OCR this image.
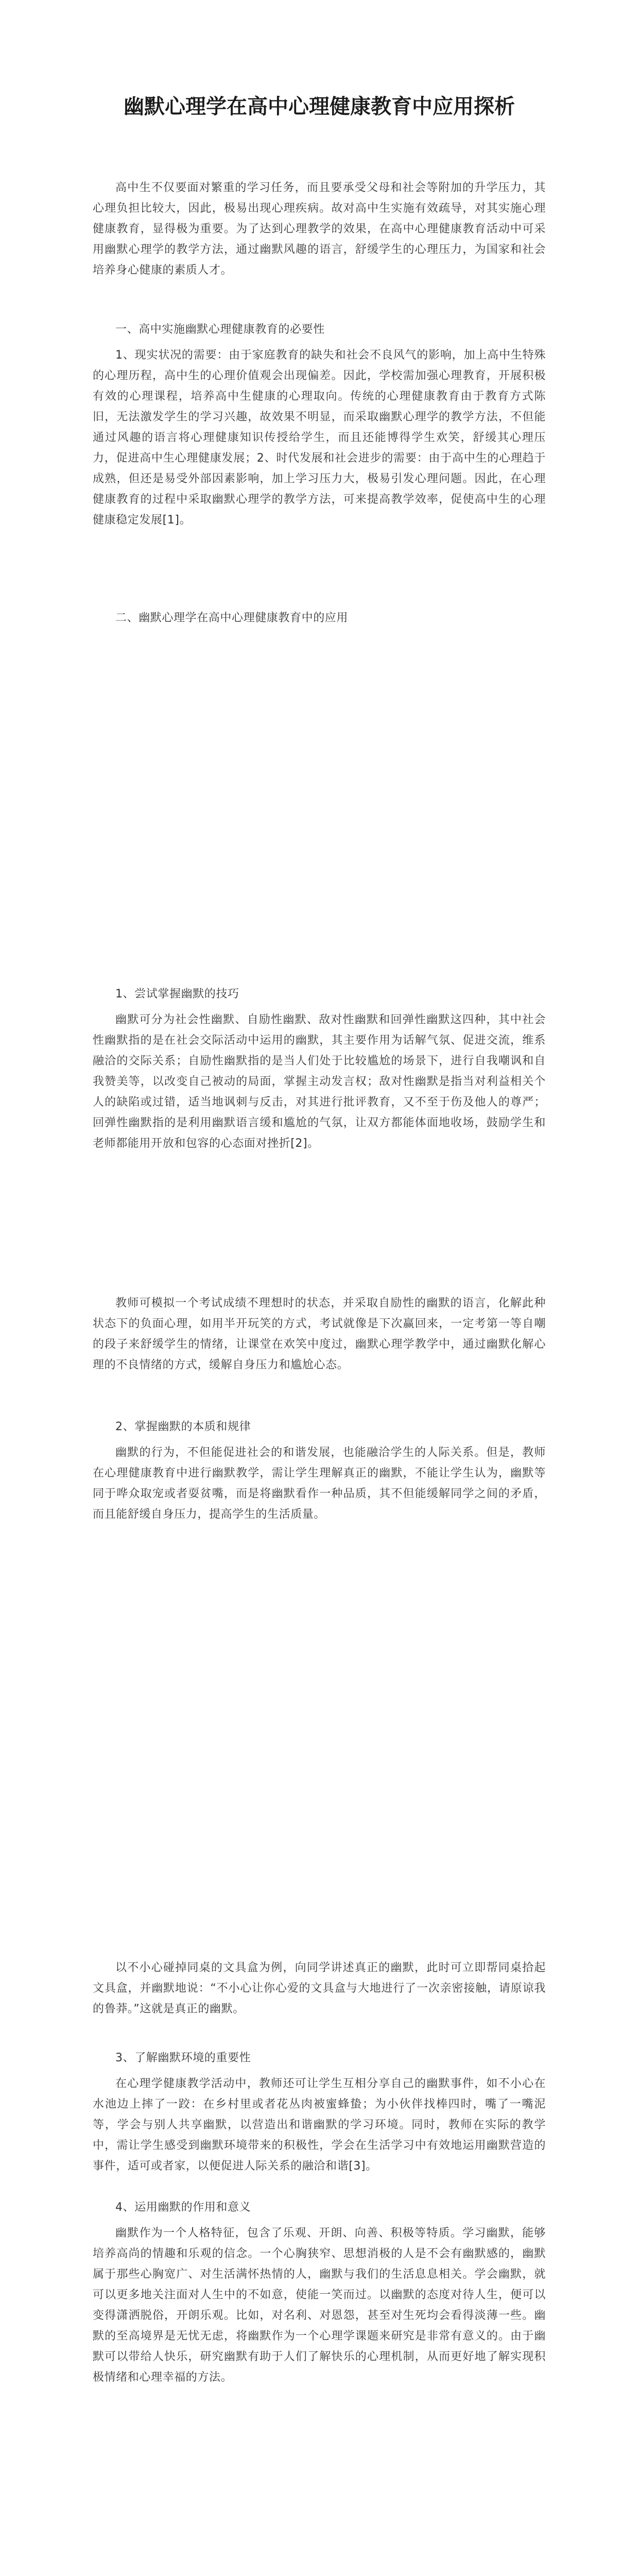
幽默心理学在高中心理健康教育中应用探析

高中生不仅要面对繁重的学习任务，而且要承受父母和社会等附加的升学压力，其心理负担比较大，因此，极易出现心理疾病。故对高中生实施有效疏导，对其实施心理健康教育，显得极为重要。为了达到心理教学的效果，在高中心理健康教育活动中可采用幽默心理学的教学方法，通过幽默风趣的语言，舒缓学生的心理压力，为国家和社会培养身心健康的素质人才。

一、高中实施幽默心理健康教育的必要性

1、现实状况的需要：由于家庭教育的缺失和社会不良风气的影响，加上高中生特殊的心理历程，高中生的心理价值观会出现偏差。因此，学校需加强心理教育，开展积极有效的心理课程，培养高中生健康的心理取向。传统的心理健康教育由于教育方式陈旧，无法激发学生的学习兴趣，故效果不明显，而采取幽默心理学的教学方法，不但能通过风趣的语言将心理健康知识传授给学生，而且还能博得学生欢笑，舒缓其心理压力，促进高中生心理健康发展；2、时代发展和社会进步的需要：由于高中生的心理趋于成熟，但还是易受外部因素影响，加上学习压力大，极易引发心理问题。因此，在心理健康教育的过程中采取幽默心理学的教学方法，可来提高教学效率，促使高中生的心理健康稳定发展[1]。

二、幽默心理学在高中心理健康教育中的应用

1、尝试掌握幽默的技巧

幽默可分为社会性幽默、自励性幽默、敌对性幽默和回弹性幽默这四种，其中社会性幽默指的是在社会交际活动中运用的幽默，其主要作用为话解气氛、促进交流，维系融洽的交际关系；自励性幽默指的是当人们处于比较尴尬的场景下，进行自我嘲讽和自我赞美等，以改变自己被动的局面，掌握主动发言权；敌对性幽默是指当对利益相关个人的缺陷或过错，适当地讽刺与反击，对其进行批评教育，又不至于伤及他人的尊严；回弹性幽默指的是利用幽默语言缓和尴尬的气氛，让双方都能体面地收场，鼓励学生和老师都能用开放和包容的心态面对挫折[2]。

教师可模拟一个考试成绩不理想时的状态，并采取自励性的幽默的语言，化解此种状态下的负面心理，如用半开玩笑的方式，考试就像是下次赢回来，一定考第一等自嘲的段子来舒缓学生的情绪，让课堂在欢笑中度过，幽默心理学教学中，通过幽默化解心理的不良情绪的方式，缓解自身压力和尴尬心态。

2、掌握幽默的本质和规律

幽默的行为，不但能促进社会的和谐发展，也能融洽学生的人际关系。但是，教师在心理健康教育中进行幽默教学，需让学生理解真正的幽默，不能让学生认为，幽默等同于哗众取宠或者耍贫嘴，而是将幽默看作一种品质，其不但能缓解同学之间的矛盾，而且能舒缓自身压力，提高学生的生活质量。

以不小心碰掉同桌的文具盒为例，向同学讲述真正的幽默，此时可立即帮同桌拾起文具盒，并幽默地说：“不小心让你心爱的文具盒与大地进行了一次亲密接触，请原谅我的鲁莽。”这就是真正的幽默。

3、了解幽默环境的重要性

在心理学健康教学活动中，教师还可让学生互相分享自己的幽默事件，如不小心在水池边上摔了一跤：在乡村里或者花丛肉被蜜蜂蛰；为小伙伴找棒四时，嘴了一嘴泥等，学会与别人共享幽默，以营造出和谐幽默的学习环境。同时，教师在实际的教学中，需让学生感受到幽默环境带来的积极性，学会在生活学习中有效地运用幽默营造的事件，适可或者家，以便促进人际关系的融洽和谐[3]。

4、运用幽默的作用和意义

幽默作为一个人格特征，包含了乐观、开朗、向善、积极等特质。学习幽默，能够培养高尚的情趣和乐观的信念。一个心胸狭窄、思想消极的人是不会有幽默感的，幽默属于那些心胸宽广、对生活满怀热情的人，幽默与我们的生活息息相关。学会幽默，就可以更多地关注面对人生中的不如意，使能一笑而过。以幽默的态度对待人生，便可以变得潇洒脱俗，开朗乐观。比如，对名利、对恩怨，甚至对生死均会看得淡薄一些。幽默的至高境界是无忧无虑，将幽默作为一个心理学课题来研究是非常有意义的。由于幽默可以带给人快乐，研究幽默有助于人们了解快乐的心理机制，从而更好地了解实现积极情绪和心理幸福的方法。
